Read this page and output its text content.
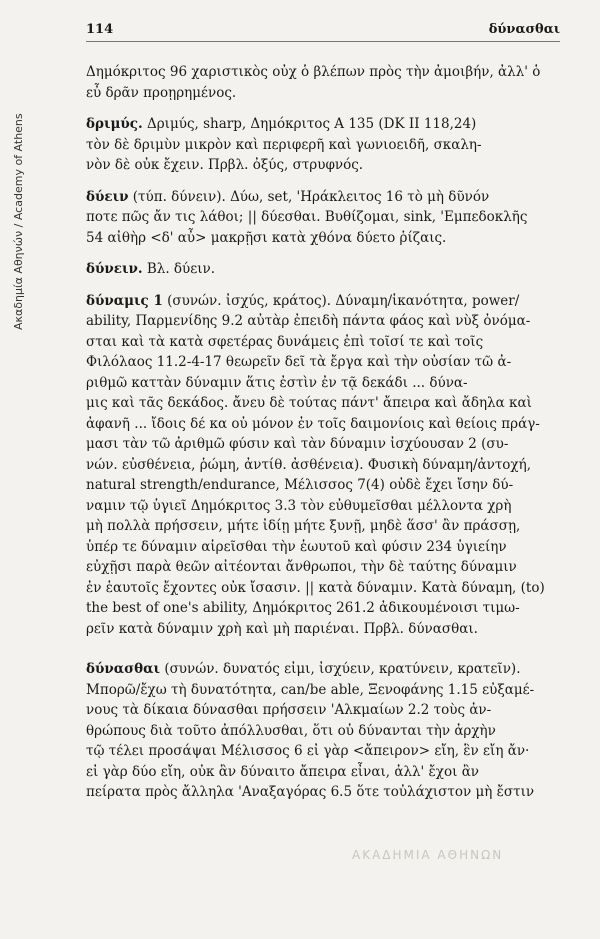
Ακαδημία Αθηνών / Academy of Athens
114	δύνασθαι

Δημόκριτος 96 χαριστικὸς οὐχ ὁ βλέπων πρὸς τὴν ἀμοιβήν, ἀλλ' ὁ

εὖ δρᾶν προῃρημένος.

δριμύς. Δριμύς, sharp, Δημόκριτος Α 135 (DK II 118,24)

τὸν δὲ δριμὺν μικρὸν καὶ περιφερῆ καὶ γωνιοειδῆ, σκαλη-

νὸν δὲ οὐκ ἔχειν. Πρβλ. ὀξύς, στρυφνός.

δύειν (τύπ. δύνειν). Δύω, set, 'Ηράκλειτος 16 τὸ μὴ δῦνόν

ποτε πῶς ἄν τις λάθοι; || δύεσθαι. Βυθίζομαι, sink, 'Εμπεδοκλῆς

54 αἰθὴρ <δ' αὖ> μακρῇσι κατὰ χθόνα δύετο ῥίζαις.

δύνειν. Βλ. δύειν.

δύναμις 1 (συνών. ἰσχύς, κράτος). Δύναμη/ἱκανότητα, power/

ability, Παρμενίδης 9.2 αὐτὰρ ἐπειδὴ πάντα φάος καὶ νὺξ ὀνόμα-

σται καὶ τὰ κατὰ σφετέρας δυνάμεις ἐπὶ τοῖσί τε καὶ τοῖς

Φιλόλαος 11.2-4-17 θεωρεῖν δεῖ τὰ ἔργα καὶ τὴν οὐσίαν τῶ ἀ-

ριθμῶ καττὰν δύναμιν ἅτις ἐστὶν ἐν τᾷ δεκάδι ... δύνα-

μις καὶ τᾶς δεκάδος. ἄνευ δὲ τούτας πάντ' ἄπειρα καὶ ἄδηλα καὶ

ἀφανῆ ... ἴδοις δέ κα οὐ μόνον ἐν τοῖς δαιμονίοις καὶ θείοις πράγ-

μασι τὰν τῶ ἀριθμῶ φύσιν καὶ τὰν δύναμιν ἰσχύουσαν 2 (συ-

νών. εὐσθένεια, ῥώμη, ἀντίθ. ἀσθένεια). Φυσικὴ δύναμη/ἀντοχή,

natural strength/endurance, Μέλισσος 7(4) οὐδὲ ἔχει ἴσην δύ-

ναμιν τῷ ὑγιεῖ Δημόκριτος 3.3 τὸν εὐθυμεῖσθαι μέλλοντα χρὴ

μὴ πολλὰ πρήσσειν, μήτε ἰδίῃ μήτε ξυνῇ, μηδὲ ἅσσ' ἂν πράσσῃ,

ὑπέρ τε δύναμιν αἱρεῖσθαι τὴν ἑωυτοῦ καὶ φύσιν 234 ὑγιείην

εὐχῇσι παρὰ θεῶν αἰτέονται ἄνθρωποι, τὴν δὲ ταύτης δύναμιν

ἐν ἑαυτοῖς ἔχοντες οὐκ ἴσασιν. || κατὰ δύναμιν. Κατὰ δύναμη, (to)

the best of one's ability, Δημόκριτος 261.2 ἀδικουμένοισι τιμω-

ρεῖν κατὰ δύναμιν χρὴ καὶ μὴ παριέναι. Πρβλ. δύνασθαι.

δύνασθαι (συνών. δυνατός εἰμι, ἰσχύειν, κρατύνειν, κρατεῖν).

Μπορῶ/ἔχω τὴ δυνατότητα, can/be able, Ξενοφάνης 1.15 εὐξαμέ-

νους τὰ δίκαια δύνασθαι πρήσσειν 'Αλκμαίων 2.2 τοὺς ἀν-

θρώπους διὰ τοῦτο ἀπόλλυσθαι, ὅτι οὐ δύνανται τὴν ἀρχὴν

τῷ τέλει προσάψαι Μέλισσος 6 εἰ γὰρ <ἄπειρον> εἴη, ἓν εἴη ἄν·

εἰ γὰρ δύο εἴη, οὐκ ἂν δύναιτο ἄπειρα εἶναι, ἀλλ' ἔχοι ἂν

πείρατα πρὸς ἄλληλα 'Αναξαγόρας 6.5 ὅτε τοὐλάχιστον μὴ ἔστιν

ΑΚΑΔΗΜΙΑ ΑΘΗΝΩΝ
